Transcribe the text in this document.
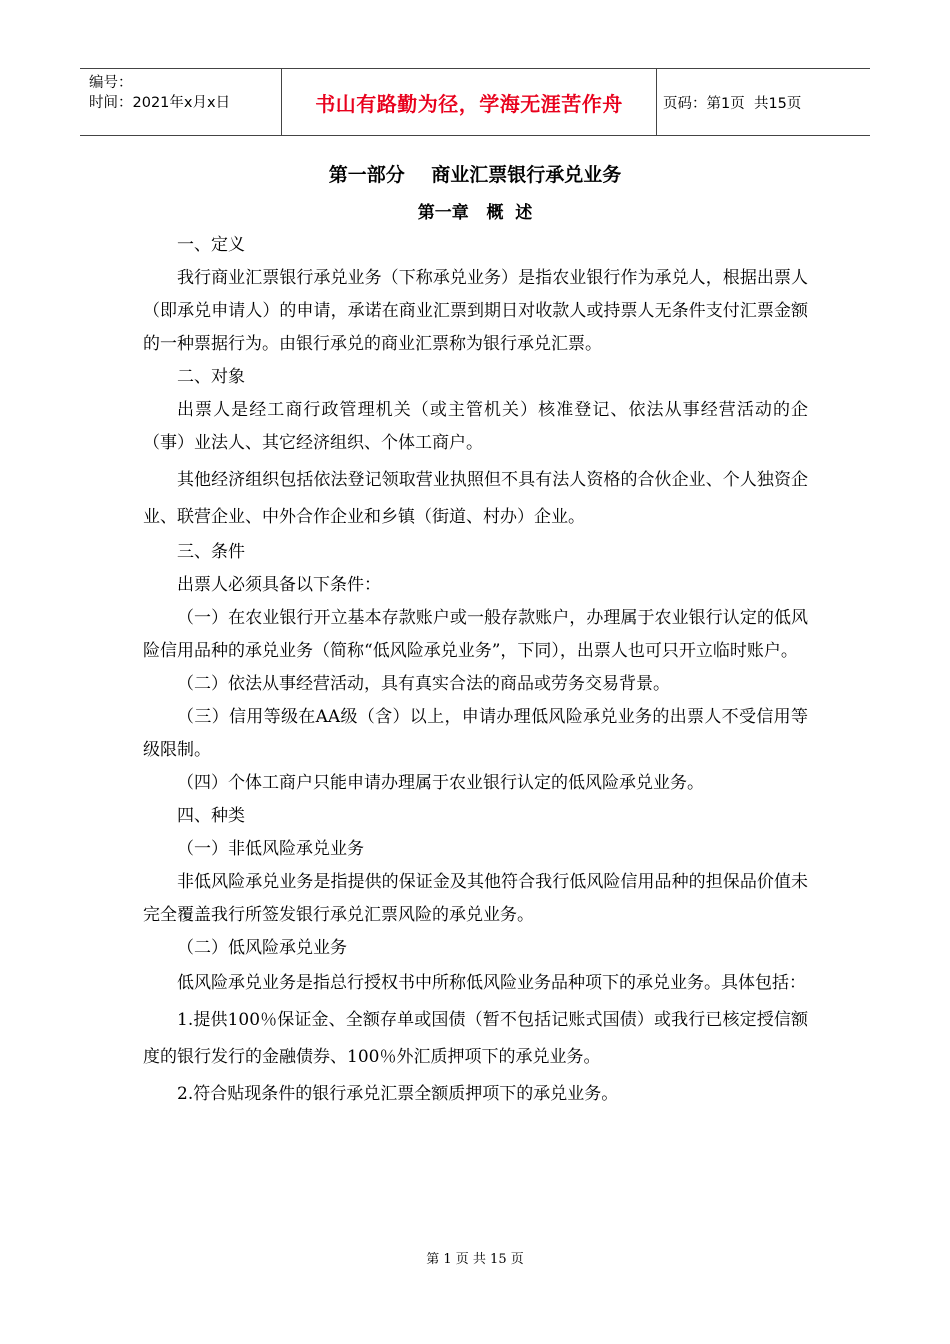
编号：
时间：2021年x月x日	书山有路勤为径，学海无涯苦作舟	页码：第1页  共15页
第一部分    商业汇票银行承兑业务
第一章   概  述

一、定义

我行商业汇票银行承兑业务（下称承兑业务）是指农业银行作为承兑人，根据出票人（即承兑申请人）的申请，承诺在商业汇票到期日对收款人或持票人无条件支付汇票金额的一种票据行为。由银行承兑的商业汇票称为银行承兑汇票。

二、对象

出票人是经工商行政管理机关（或主管机关）核准登记、依法从事经营活动的企（事）业法人、其它经济组织、个体工商户。

其他经济组织包括依法登记领取营业执照但不具有法人资格的合伙企业、个人独资企业、联营企业、中外合作企业和乡镇（街道、村办）企业。

三、条件

出票人必须具备以下条件：

（一）在农业银行开立基本存款账户或一般存款账户，办理属于农业银行认定的低风险信用品种的承兑业务（简称“低风险承兑业务”，下同），出票人也可只开立临时账户。

（二）依法从事经营活动，具有真实合法的商品或劳务交易背景。

（三）信用等级在AA级（含）以上，申请办理低风险承兑业务的出票人不受信用等级限制。

（四）个体工商户只能申请办理属于农业银行认定的低风险承兑业务。

四、种类

（一）非低风险承兑业务

非低风险承兑业务是指提供的保证金及其他符合我行低风险信用品种的担保品价值未完全覆盖我行所签发银行承兑汇票风险的承兑业务。

（二）低风险承兑业务

低风险承兑业务是指总行授权书中所称低风险业务品种项下的承兑业务。具体包括：

1.提供100％保证金、全额存单或国债（暂不包括记账式国债）或我行已核定授信额度的银行发行的金融债券、100％外汇质押项下的承兑业务。

2.符合贴现条件的银行承兑汇票全额质押项下的承兑业务。

第 1 页 共 15 页
